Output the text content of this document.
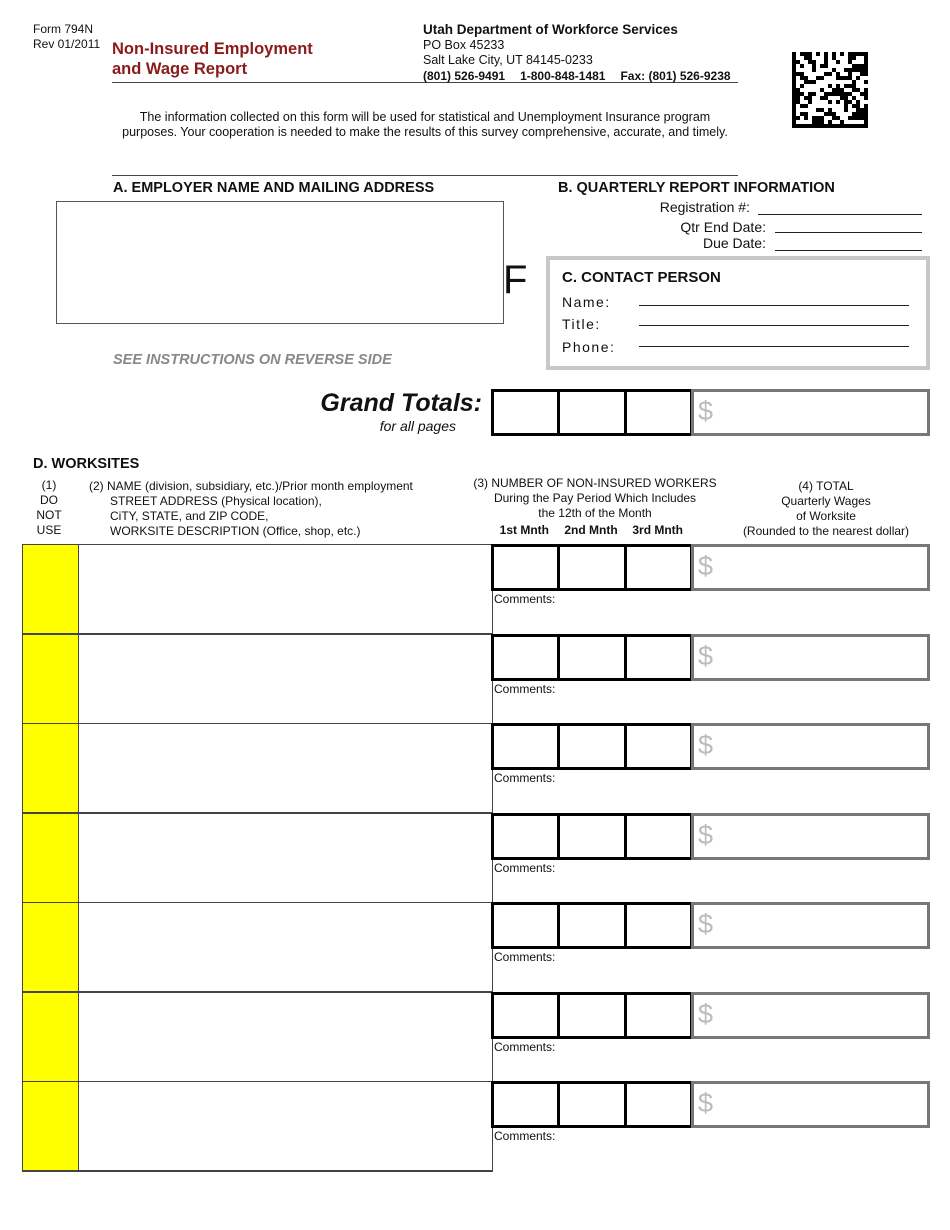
Form 794N
Rev 01/2011 Non-Insured Employment
and Wage Report
Utah Department of Workforce Services
PO Box 45233
Salt Lake City, UT 84145-0233
(801) 526-9491 1-800-848-1481 Fax: (801) 526-9238
The information collected on this form will be used for statistical and Unemployment Insurance program
purposes. Your cooperation is needed to make the results of this survey comprehensive, accurate, and timely.
A. EMPLOYER NAME AND MAILING ADDRESS
F
B. QUARTERLY REPORT INFORMATION
Registration #:
Qtr End Date:
Due Date:
C. CONTACT PERSON
Name:
Title:
Phone:
SEE INSTRUCTIONS ON REVERSE SIDE
Grand Totals:
for all pages	$
D. WORKSITES
(1)
DO
NOT
USE
(2) NAME (division, subsidiary, etc.)/Prior month employment
STREET ADDRESS (Physical location),
CiTY, STATE, and ZIP CODE,
WORKSITE DESCRIPTION (Office, shop, etc.)
(3) NUMBER OF NON-INSURED WORKERS
During the Pay Period Which Includes
the 12th of the Month
1st Mnth	2nd Mnth	3rd Mnth
(4) TOTAL
Quarterly Wages
of Worksite
(Rounded to the nearest dollar)
$
Comments:
$
Comments:
$
Comments:
$
Comments:
$
Comments:
$
Comments:
$
Comments:
